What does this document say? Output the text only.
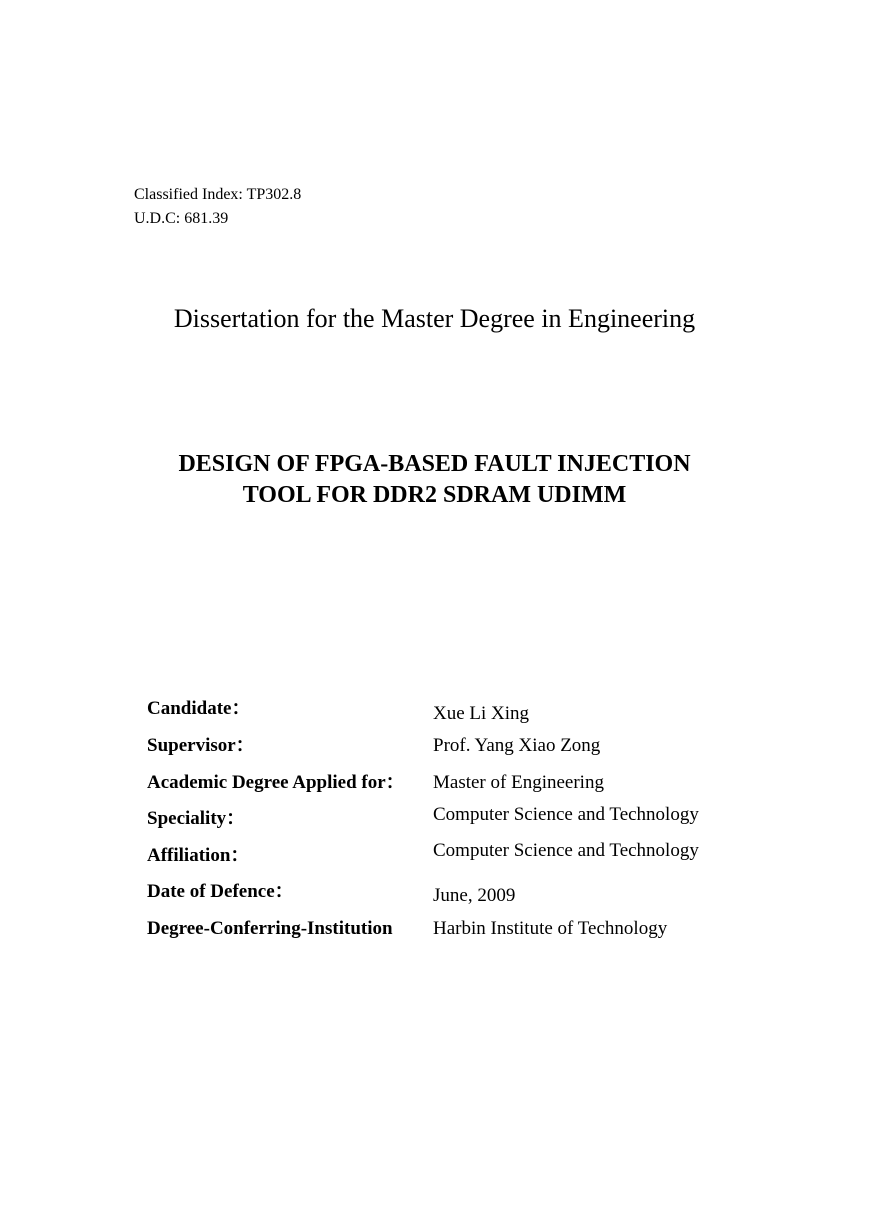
Classified Index: TP302.8
U.D.C: 681.39
Dissertation for the Master Degree in Engineering
DESIGN OF FPGA-BASED FAULT INJECTION
TOOL FOR DDR2 SDRAM UDIMM
Candidate：	Xue Li Xing
Supervisor：	Prof. Yang Xiao Zong
Academic Degree Applied for： Master of Engineering
Speciality：	Computer Science and Technology
Affiliation：	Computer Science and Technology
Date of Defence：	June, 2009
Degree-Conferring-Institution Harbin Institute of Technology
